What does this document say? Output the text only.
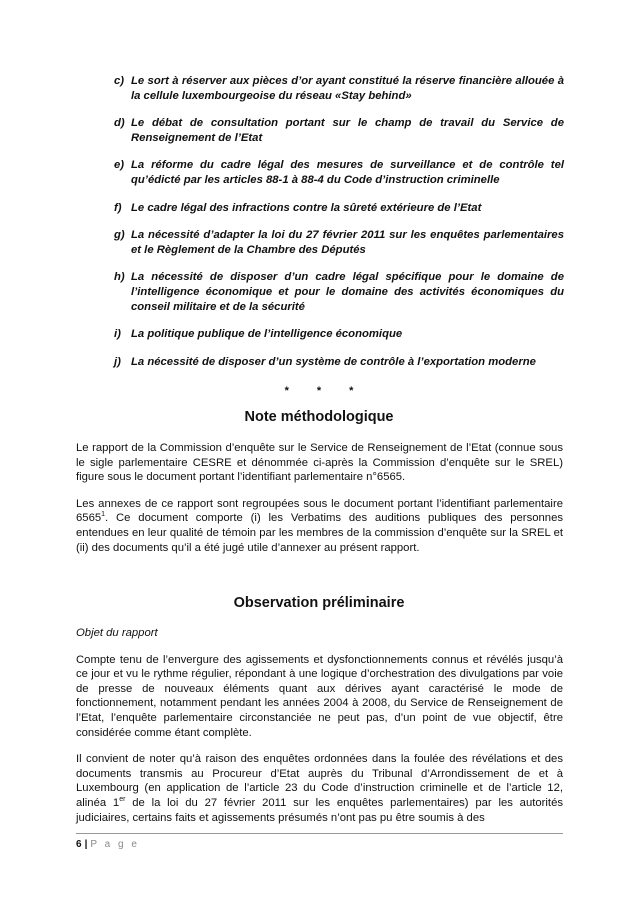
c) Le sort à réserver aux pièces d’or ayant constitué la réserve financière allouée à la cellule luxembourgeoise du réseau «Stay behind»
d) Le débat de consultation portant sur le champ de travail du Service de Renseignement de l’Etat
e) La réforme du cadre légal des mesures de surveillance et de contrôle tel qu’édicté par les articles 88-1 à 88-4 du Code d’instruction criminelle
f) Le cadre légal des infractions contre la sûreté extérieure de l’Etat
g) La nécessité d’adapter la loi du 27 février 2011 sur les enquêtes parlementaires et le Règlement de la Chambre des Députés
h) La nécessité de disposer d’un cadre légal spécifique pour le domaine de l’intelligence économique et pour le domaine des activités économiques du conseil militaire et de la sécurité
i) La politique publique de l’intelligence économique
j) La nécessité de disposer d’un système de contrôle à l’exportation moderne
*	*	*
Note méthodologique

Le rapport de la Commission d’enquête sur le Service de Renseignement de l’Etat (connue sous le sigle parlementaire CESRE et dénommée ci-après la Commission d’enquête sur le SREL) figure sous le document portant l’identifiant parlementaire n°6565.

Les annexes de ce rapport sont regroupées sous le document portant l’identifiant parlementaire 6565$^1$. Ce document comporte (i) les Verbatims des auditions publiques des personnes entendues en leur qualité de témoin par les membres de la commission d’enquête sur la SREL et (ii) des documents qu’il a été jugé utile d’annexer au présent rapport.

Observation préliminaire

Objet du rapport

Compte tenu de l’envergure des agissements et dysfonctionnements connus et révélés jusqu’à ce jour et vu le rythme régulier, répondant à une logique d’orchestration des divulgations par voie de presse de nouveaux éléments quant aux dérives ayant caractérisé le mode de fonctionnement, notamment pendant les années 2004 à 2008, du Service de Renseignement de l’Etat, l’enquête parlementaire circonstanciée ne peut pas, d’un point de vue objectif, être considérée comme étant complète.

Il convient de noter qu’à raison des enquêtes ordonnées dans la foulée des révélations et des documents transmis au Procureur d’Etat auprès du Tribunal d’Arrondissement de et à Luxembourg (en application de l’article 23 du Code d’instruction criminelle et de l’article 12, alinéa 1er de la loi du 27 février 2011 sur les enquêtes parlementaires) par les autorités judiciaires, certains faits et agissements présumés n’ont pas pu être soumis à des

6 | P a g e
